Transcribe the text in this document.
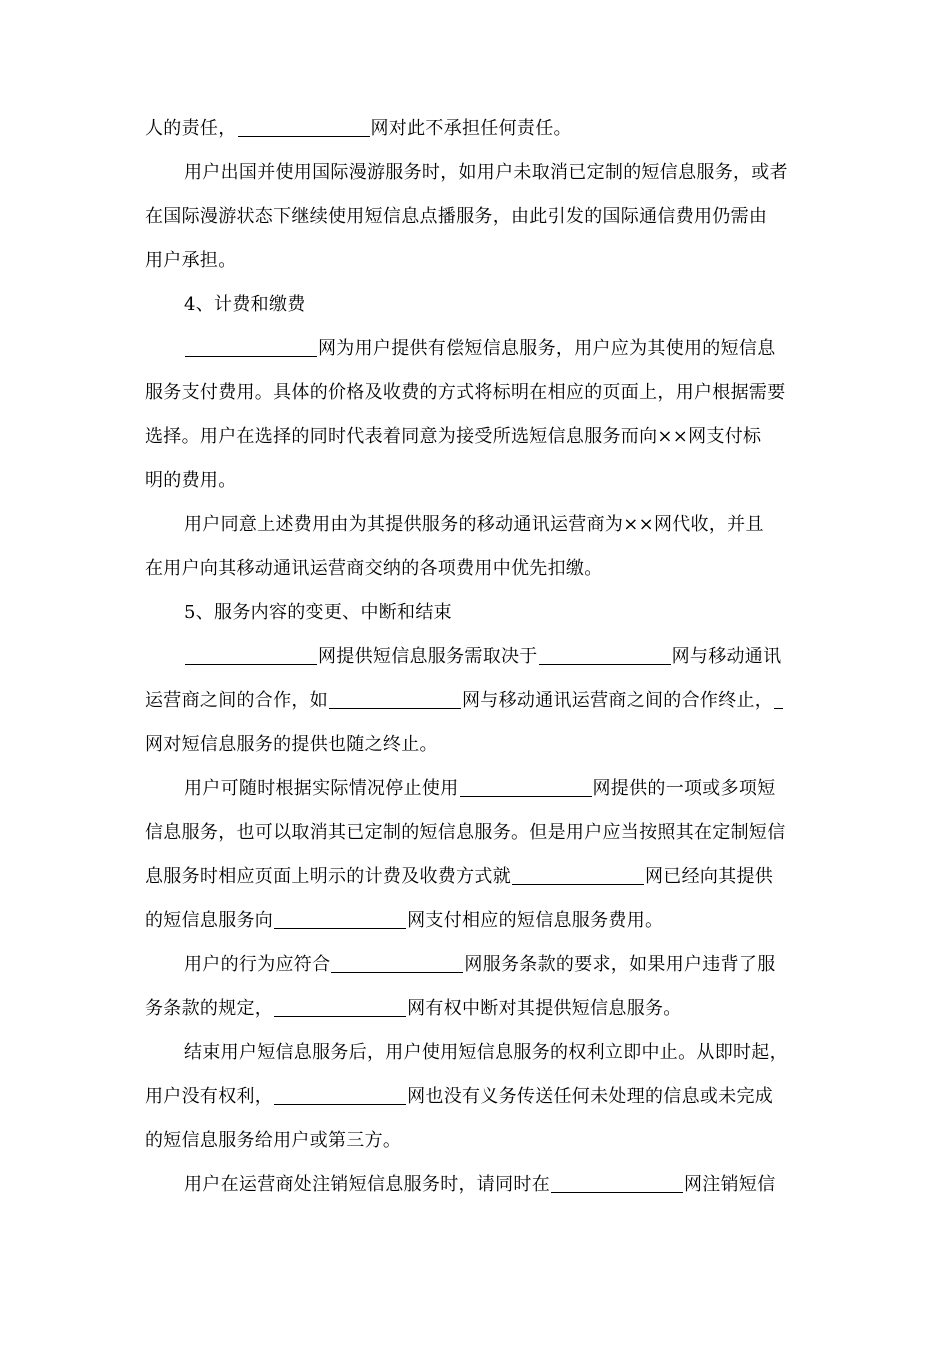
人的责任，	网对此不承担任何责任。
用户出国并使用国际漫游服务时，如用户未取消已定制的短信息服务，或者
在国际漫游状态下继续使用短信息点播服务，由此引发的国际通信费用仍需由
用户承担。
4、计费和缴费
网为用户提供有偿短信息服务，用户应为其使用的短信息
服务支付费用。具体的价格及收费的方式将标明在相应的页面上，用户根据需要
选择。用户在选择的同时代表着同意为接受所选短信息服务而向××网支付标
明的费用。
用户同意上述费用由为其提供服务的移动通讯运营商为××网代收，并且
在用户向其移动通讯运营商交纳的各项费用中优先扣缴。
5、服务内容的变更、中断和结束
网提供短信息服务需取决于	网与移动通讯
运营商之间的合作，如	网与移动通讯运营商之间的合作终止，
网对短信息服务的提供也随之终止。
用户可随时根据实际情况停止使用	网提供的一项或多项短
信息服务，也可以取消其已定制的短信息服务。但是用户应当按照其在定制短信
息服务时相应页面上明示的计费及收费方式就	网已经向其提供
的短信息服务向	网支付相应的短信息服务费用。
用户的行为应符合	网服务条款的要求，如果用户违背了服
务条款的规定，	网有权中断对其提供短信息服务。
结束用户短信息服务后，用户使用短信息服务的权利立即中止。从即时起，
用户没有权利，	网也没有义务传送任何未处理的信息或未完成
的短信息服务给用户或第三方。
用户在运营商处注销短信息服务时，请同时在	网注销短信
